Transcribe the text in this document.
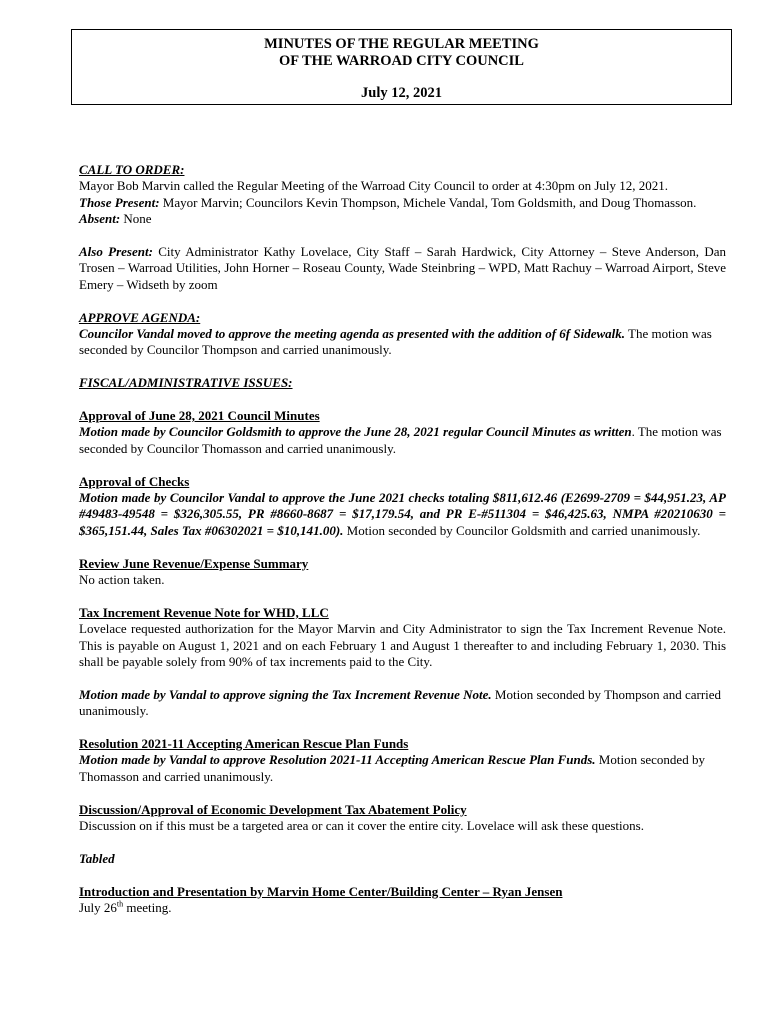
MINUTES OF THE REGULAR MEETING
OF THE WARROAD CITY COUNCIL
July 12, 2021
CALL TO ORDER:

Mayor Bob Marvin called the Regular Meeting of the Warroad City Council to order at 4:30pm on July 12, 2021.

Those Present: Mayor Marvin; Councilors Kevin Thompson, Michele Vandal, Tom Goldsmith, and Doug Thomasson.

Absent: None

Also Present: City Administrator Kathy Lovelace, City Staff – Sarah Hardwick, City Attorney – Steve Anderson, Dan Trosen – Warroad Utilities, John Horner – Roseau County, Wade Steinbring – WPD, Matt Rachuy – Warroad Airport, Steve Emery – Widseth by zoom

APPROVE AGENDA:

Councilor Vandal moved to approve the meeting agenda as presented with the addition of 6f Sidewalk. The motion was seconded by Councilor Thompson and carried unanimously.

FISCAL/ADMINISTRATIVE ISSUES:
Approval of June 28, 2021 Council Minutes

Motion made by Councilor Goldsmith to approve the June 28, 2021 regular Council Minutes as written. The motion was seconded by Councilor Thomasson and carried unanimously.

Approval of Checks

Motion made by Councilor Vandal to approve the June 2021 checks totaling $811,612.46 (E2699-2709 = $44,951.23, AP #49483-49548 = $326,305.55, PR #8660-8687 = $17,179.54, and PR E-#511304 = $46,425.63, NMPA #20210630 = $365,151.44, Sales Tax #06302021 = $10,141.00). Motion seconded by Councilor Goldsmith and carried unanimously.

Review June Revenue/Expense Summary

No action taken.

Tax Increment Revenue Note for WHD, LLC

Lovelace requested authorization for the Mayor Marvin and City Administrator to sign the Tax Increment Revenue Note. This is payable on August 1, 2021 and on each February 1 and August 1 thereafter to and including February 1, 2030. This shall be payable solely from 90% of tax increments paid to the City.

Motion made by Vandal to approve signing the Tax Increment Revenue Note. Motion seconded by Thompson and carried unanimously.

Resolution 2021-11 Accepting American Rescue Plan Funds

Motion made by Vandal to approve Resolution 2021-11 Accepting American Rescue Plan Funds. Motion seconded by Thomasson and carried unanimously.

Discussion/Approval of Economic Development Tax Abatement Policy

Discussion on if this must be a targeted area or can it cover the entire city. Lovelace will ask these questions.

Tabled

Introduction and Presentation by Marvin Home Center/Building Center – Ryan Jensen

July 26th meeting.
